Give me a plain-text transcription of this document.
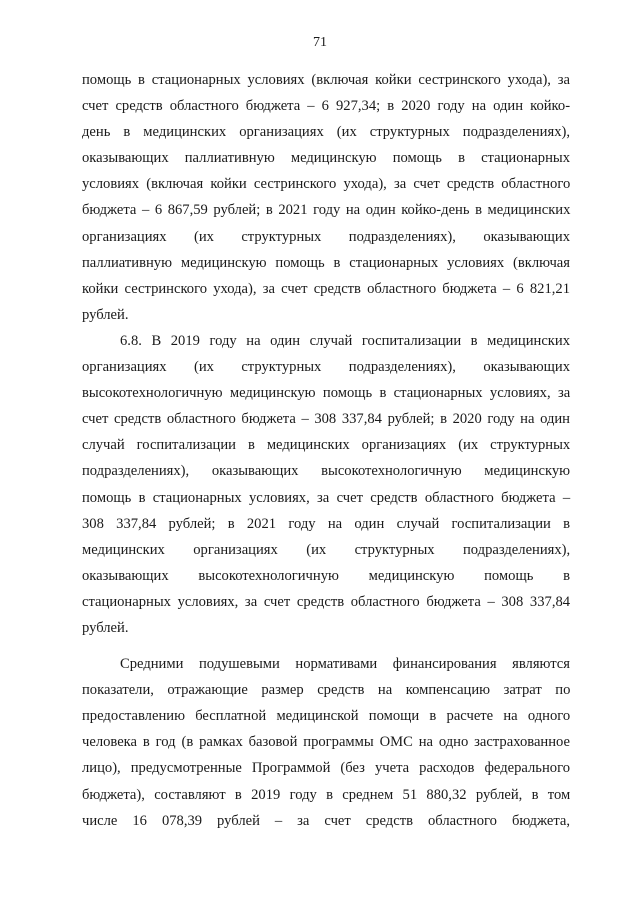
71

помощь в стационарных условиях (включая койки сестринского ухода), за
счет средств областного бюджета – 6 927,34; в 2020 году на один койко-
день в медицинских организациях (их структурных подразделениях),
оказывающих паллиативную медицинскую помощь в стационарных
условиях (включая койки сестринского ухода), за счет средств областного
бюджета – 6 867,59 рублей; в 2021 году на один койко-день в медицинских
организациях (их структурных подразделениях), оказывающих
паллиативную медицинскую помощь в стационарных условиях (включая
койки сестринского ухода), за счет средств областного бюджета – 6 821,21
рублей.

6.8. В 2019 году на один случай госпитализации в медицинских
организациях (их структурных подразделениях), оказывающих
высокотехнологичную медицинскую помощь в стационарных условиях, за
счет средств областного бюджета – 308 337,84 рублей; в 2020 году на один
случай госпитализации в медицинских организациях (их структурных
подразделениях), оказывающих высокотехнологичную медицинскую
помощь в стационарных условиях, за счет средств областного бюджета –
308 337,84 рублей; в 2021 году на один случай госпитализации в
медицинских организациях (их структурных подразделениях),
оказывающих высокотехнологичную медицинскую помощь в
стационарных условиях, за счет средств областного бюджета – 308 337,84
рублей.

Средними подушевыми нормативами финансирования являются
показатели, отражающие размер средств на компенсацию затрат по
предоставлению бесплатной медицинской помощи в расчете на одного
человека в год (в рамках базовой программы ОМС на одно застрахованное
лицо), предусмотренные Программой (без учета расходов федерального
бюджета), составляют в 2019 году в среднем 51 880,32 рублей, в том
числе 16 078,39 рублей – за счет средств областного бюджета,
